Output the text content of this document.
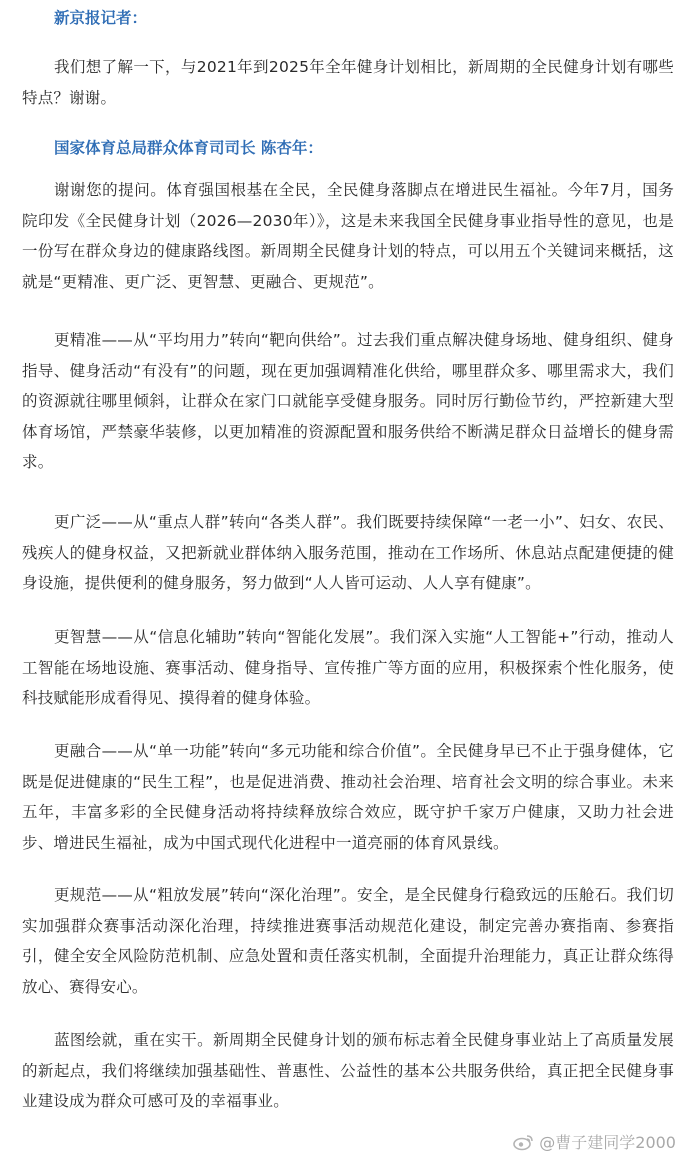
新京报记者：

我们想了解一下，与2021年到2025年全年健身计划相比，新周期的全民健身计划有哪些特点？谢谢。

国家体育总局群众体育司司长 陈杏年：

谢谢您的提问。体育强国根基在全民，全民健身落脚点在增进民生福祉。今年7月，国务院印发《全民健身计划（2026—2030年）》，这是未来我国全民健身事业指导性的意见，也是一份写在群众身边的健康路线图。新周期全民健身计划的特点，可以用五个关键词来概括，这就是“更精准、更广泛、更智慧、更融合、更规范”。

更精准——从“平均用力”转向“靶向供给”。过去我们重点解决健身场地、健身组织、健身指导、健身活动“有没有”的问题，现在更加强调精准化供给，哪里群众多、哪里需求大，我们的资源就往哪里倾斜，让群众在家门口就能享受健身服务。同时厉行勤俭节约，严控新建大型体育场馆，严禁豪华装修，以更加精准的资源配置和服务供给不断满足群众日益增长的健身需求。

更广泛——从“重点人群”转向“各类人群”。我们既要持续保障“一老一小”、妇女、农民、残疾人的健身权益，又把新就业群体纳入服务范围，推动在工作场所、休息站点配建便捷的健身设施，提供便利的健身服务，努力做到“人人皆可运动、人人享有健康”。

更智慧——从“信息化辅助”转向“智能化发展”。我们深入实施“人工智能+”行动，推动人工智能在场地设施、赛事活动、健身指导、宣传推广等方面的应用，积极探索个性化服务，使科技赋能形成看得见、摸得着的健身体验。

更融合——从“单一功能”转向“多元功能和综合价值”。全民健身早已不止于强身健体，它既是促进健康的“民生工程”，也是促进消费、推动社会治理、培育社会文明的综合事业。未来五年，丰富多彩的全民健身活动将持续释放综合效应，既守护千家万户健康，又助力社会进步、增进民生福祉，成为中国式现代化进程中一道亮丽的体育风景线。

更规范——从“粗放发展”转向“深化治理”。安全，是全民健身行稳致远的压舱石。我们切实加强群众赛事活动深化治理，持续推进赛事活动规范化建设，制定完善办赛指南、参赛指引，健全安全风险防范机制、应急处置和责任落实机制，全面提升治理能力，真正让群众练得放心、赛得安心。

蓝图绘就，重在实干。新周期全民健身计划的颁布标志着全民健身事业站上了高质量发展的新起点，我们将继续加强基础性、普惠性、公益性的基本公共服务供给，真正把全民健身事业建设成为群众可感可及的幸福事业。

@曹子建同学2000
